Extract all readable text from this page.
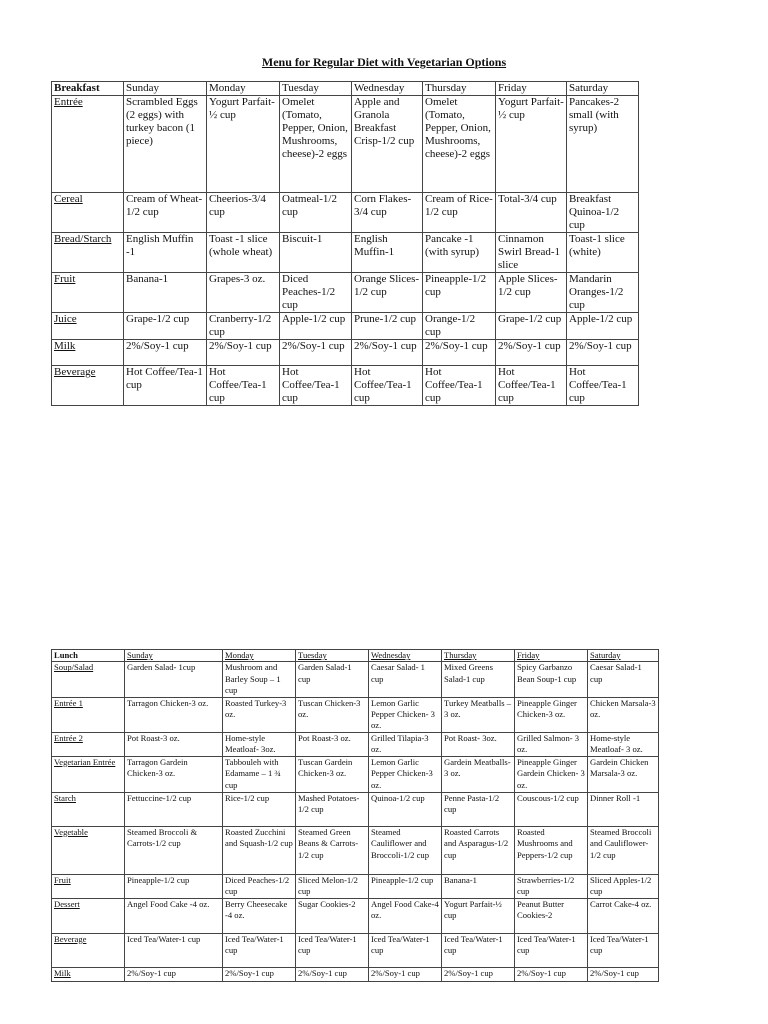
Menu for Regular Diet with Vegetarian Options
Breakfast	Sunday	Monday	Tuesday	Wednesday	Thursday	Friday	Saturday
Entrée	Scrambled Eggs (2 eggs) with turkey bacon (1 piece)	Yogurt Parfait- ½ cup	Omelet (Tomato, Pepper, Onion, Mushrooms, cheese)-2 eggs	Apple and Granola Breakfast Crisp-1/2 cup	Omelet (Tomato, Pepper, Onion, Mushrooms, cheese)-2 eggs	Yogurt Parfait- ½ cup	Pancakes-2 small (with syrup)
Cereal	Cream of Wheat- 1/2 cup	Cheerios-3/4 cup	Oatmeal-1/2 cup	Corn Flakes-3/4 cup	Cream of Rice-1/2 cup	Total-3/4 cup	Breakfast Quinoa-1/2 cup
Bread/Starch	English Muffin -1	Toast -1 slice (whole wheat)	Biscuit-1	English Muffin-1	Pancake -1 (with syrup)	Cinnamon Swirl Bread-1 slice	Toast-1 slice (white)
Fruit	Banana-1	Grapes-3 oz.	Diced Peaches-1/2 cup	Orange Slices-1/2 cup	Pineapple-1/2 cup	Apple Slices-1/2 cup	Mandarin Oranges-1/2 cup
Juice	Grape-1/2 cup	Cranberry-1/2 cup	Apple-1/2 cup	Prune-1/2 cup	Orange-1/2 cup	Grape-1/2 cup	Apple-1/2 cup
Milk	2%/Soy-1 cup	2%/Soy-1 cup	2%/Soy-1 cup	2%/Soy-1 cup	2%/Soy-1 cup	2%/Soy-1 cup	2%/Soy-1 cup
Beverage	Hot Coffee/Tea-1 cup	Hot Coffee/Tea-1 cup	Hot Coffee/Tea-1 cup	Hot Coffee/Tea-1 cup	Hot Coffee/Tea-1 cup	Hot Coffee/Tea-1 cup	Hot Coffee/Tea-1 cup
Lunch	Sunday	Monday	Tuesday	Wednesday	Thursday	Friday	Saturday
Soup/Salad	Garden Salad- 1cup	Mushroom and Barley Soup – 1 cup	Garden Salad-1 cup	Caesar Salad- 1 cup	Mixed Greens Salad-1 cup	Spicy Garbanzo Bean Soup-1 cup	Caesar Salad-1 cup
Entrée 1	Tarragon Chicken-3 oz.	Roasted Turkey-3 oz.	Tuscan Chicken-3 oz.	Lemon Garlic Pepper Chicken- 3 oz.	Turkey Meatballs – 3 oz.	Pineapple Ginger Chicken-3 oz.	Chicken Marsala-3 oz.
Entrée 2	Pot Roast-3 oz.	Home-style Meatloaf- 3oz.	Pot Roast-3 oz.	Grilled Tilapia-3 oz.	Pot Roast- 3oz.	Grilled Salmon- 3 oz.	Home-style Meatloaf- 3 oz.
Vegetarian Entrée	Tarragon Gardein Chicken-3 oz.	Tabbouleh with Edamame – 1 ¾ cup	Tuscan Gardein Chicken-3 oz.	Lemon Garlic Pepper Chicken-3 oz.	Gardein Meatballs- 3 oz.	Pineapple Ginger Gardein Chicken- 3 oz.	Gardein Chicken Marsala-3 oz.
Starch	Fettuccine-1/2 cup	Rice-1/2 cup	Mashed Potatoes-1/2 cup	Quinoa-1/2 cup	Penne Pasta-1/2 cup	Couscous-1/2 cup	Dinner Roll -1
Vegetable	Steamed Broccoli & Carrots-1/2 cup	Roasted Zucchini and Squash-1/2 cup	Steamed Green Beans & Carrots-1/2 cup	Steamed Cauliflower and Broccoli-1/2 cup	Roasted Carrots and Asparagus-1/2 cup	Roasted Mushrooms and Peppers-1/2 cup	Steamed Broccoli and Cauliflower-1/2 cup
Fruit	Pineapple-1/2 cup	Diced Peaches-1/2 cup	Sliced Melon-1/2 cup	Pineapple-1/2 cup	Banana-1	Strawberries-1/2 cup	Sliced Apples-1/2 cup
Dessert	Angel Food Cake -4 oz.	Berry Cheesecake -4 oz.	Sugar Cookies-2	Angel Food Cake-4 oz.	Yogurt Parfait-½ cup	Peanut Butter Cookies-2	Carrot Cake-4 oz.
Beverage	Iced Tea/Water-1 cup	Iced Tea/Water-1 cup	Iced Tea/Water-1 cup	Iced Tea/Water-1 cup	Iced Tea/Water-1 cup	Iced Tea/Water-1 cup	Iced Tea/Water-1 cup
Milk	2%/Soy-1 cup	2%/Soy-1 cup	2%/Soy-1 cup	2%/Soy-1 cup	2%/Soy-1 cup	2%/Soy-1 cup	2%/Soy-1 cup
